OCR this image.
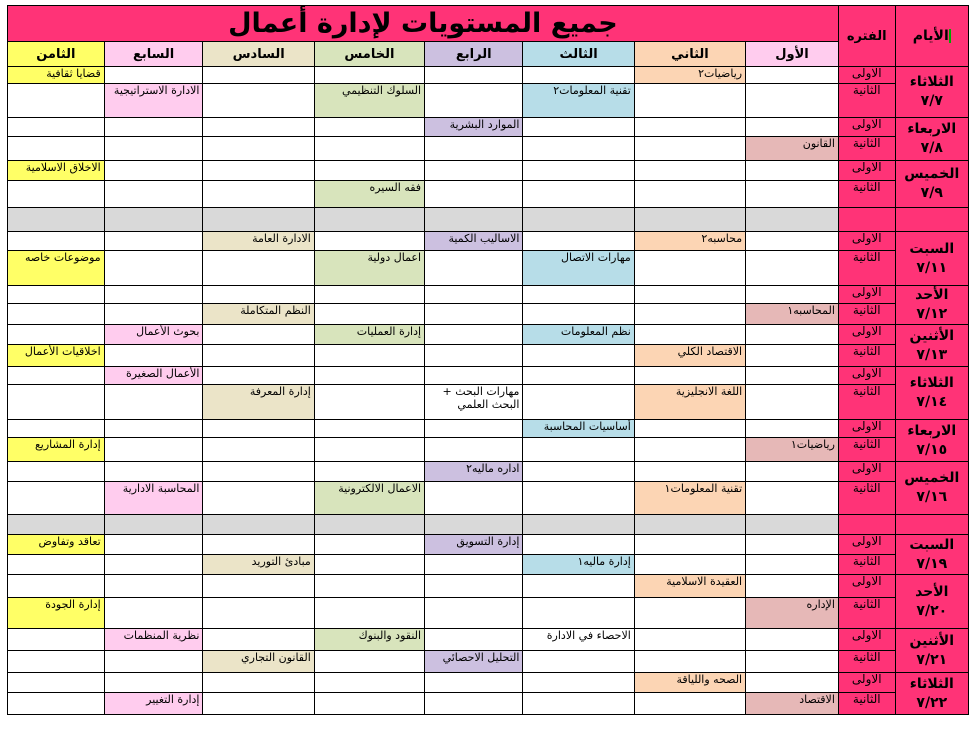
الأيام	الفتره	جميع المستويات لإدارة أعمال							
		الأول	الثاني	الثالث	الرابع	الخامس	السادس	السابع	الثامن

الثلاثاء
٧/٧	الاولى		رياضيات٢						قضايا ثقافية
	الثانية			تقنية المعلومات٢		السلوك التنظيمي		الادارة الاستراتيجية	

الاربعاء
٧/٨	الاولى				الموارد البشرية				
	الثانية	القانون							

الخميس
٧/٩	الاولى								الاخلاق الاسلامية
	الثانية					فقه السيره			

السبت
٧/١١	الاولى		محاسبه٢		الاساليب الكمية		الادارة العامة		
	الثانية			مهارات الاتصال		اعمال دولية			موضوعات خاصه

الأحد
٧/١٢	الاولى								
	الثانية	المحاسبه١					النظم المتكاملة		

الأثنين
٧/١٣	الاولى			نظم المعلومات		إدارة العمليات		بحوث الأعمال	
	الثانية		الاقتصاد الكلي						اخلاقيات الأعمال

الثلاثاء
٧/١٤	الاولى							الأعمال الصغيرة	
	الثانية		اللغة الانجليزية		مهارات البحث + البحث العلمي		إدارة المعرفة		

الاربعاء
٧/١٥	الاولى			أساسيات المحاسبة					
	الثانية	رياضيات١							إدارة المشاريع

الخميس
٧/١٦	الاولى				اداره ماليه٢				
	الثانية		تقنية المعلومات١			الاعمال الالكترونية		المحاسبة الادارية	

السبت
٧/١٩	الاولى				إدارة التسويق				تعاقد وتفاوض
	الثانية			إدارة ماليه١			مبادئ التوريد		

الأحد
٧/٢٠	الاولى		العقيدة الاسلامية						
	الثانية	الإداره							إدارة الجودة

الأثنين
٧/٢١	الاولى			الاحصاء في الادارة		النقود والبنوك		نظرية المنظمات	
	الثانية				التحليل الاحصائي		القانون التجاري		

الثلاثاء
٧/٢٢	الاولى		الصحه واللياقة						
	الثانية	الاقتصاد						إدارة التغيير	
